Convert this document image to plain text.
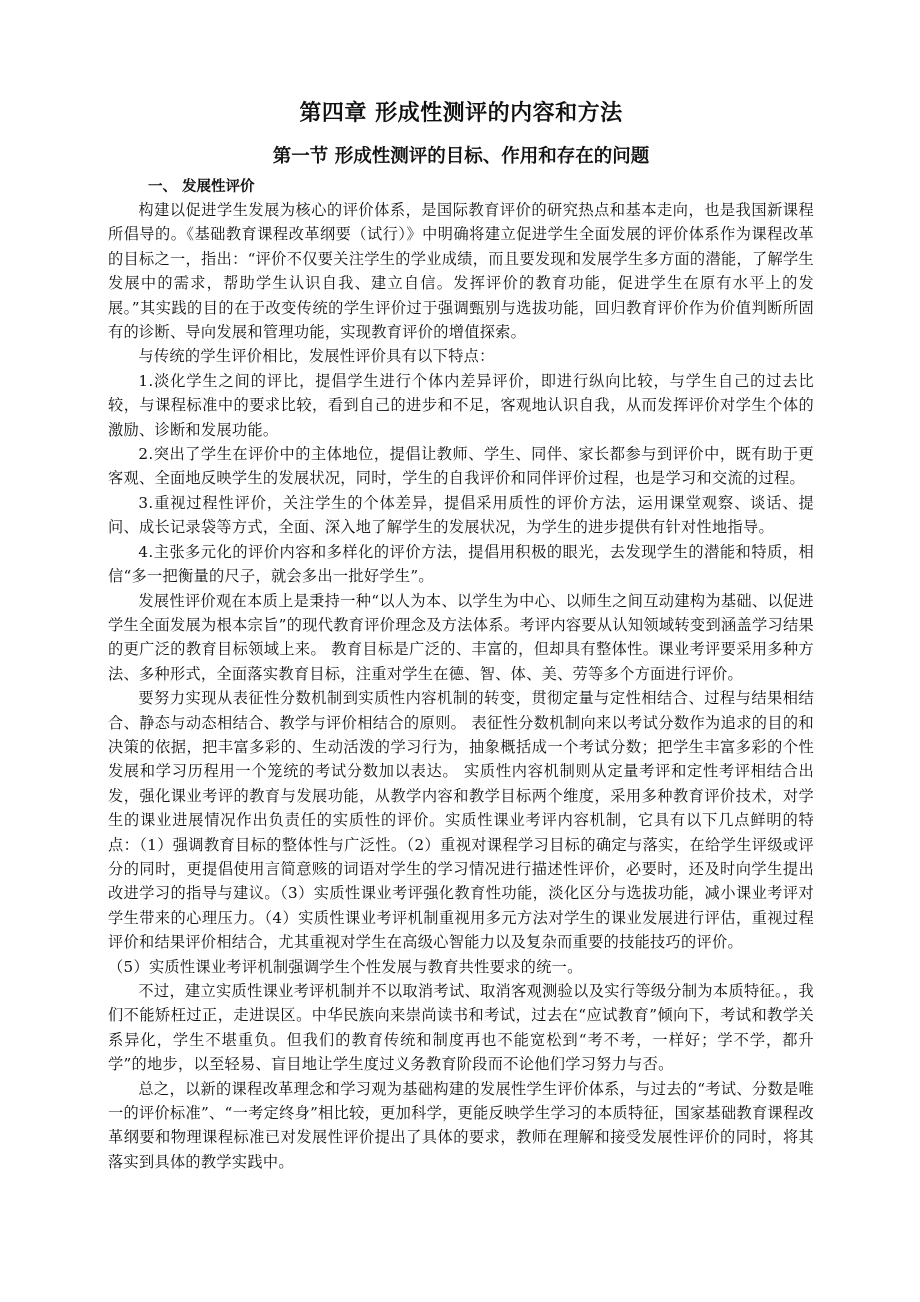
第四章 形成性测评的内容和方法
第一节 形成性测评的目标、作用和存在的问题
一、 发展性评价

构建以促进学生发展为核心的评价体系，是国际教育评价的研究热点和基本走向，也是我国新课程所倡导的。《基础教育课程改革纲要（试行）》中明确将建立促进学生全面发展的评价体系作为课程改革的目标之一，指出：“评价不仅要关注学生的学业成绩，而且要发现和发展学生多方面的潜能，了解学生发展中的需求，帮助学生认识自我、建立自信。发挥评价的教育功能，促进学生在原有水平上的发展。”其实践的目的在于改变传统的学生评价过于强调甄别与选拔功能，回归教育评价作为价值判断所固有的诊断、导向发展和管理功能，实现教育评价的增值探索。

与传统的学生评价相比，发展性评价具有以下特点：

1.淡化学生之间的评比，提倡学生进行个体内差异评价，即进行纵向比较，与学生自己的过去比较，与课程标准中的要求比较，看到自己的进步和不足，客观地认识自我，从而发挥评价对学生个体的激励、诊断和发展功能。

2.突出了学生在评价中的主体地位，提倡让教师、学生、同伴、家长都参与到评价中，既有助于更客观、全面地反映学生的发展状况，同时，学生的自我评价和同伴评价过程，也是学习和交流的过程。

3.重视过程性评价，关注学生的个体差异，提倡采用质性的评价方法，运用课堂观察、谈话、提问、成长记录袋等方式，全面、深入地了解学生的发展状况，为学生的进步提供有针对性地指导。

4.主张多元化的评价内容和多样化的评价方法，提倡用积极的眼光，去发现学生的潜能和特质，相信“多一把衡量的尺子，就会多出一批好学生”。

发展性评价观在本质上是秉持一种“以人为本、以学生为中心、以师生之间互动建构为基础、以促进学生全面发展为根本宗旨”的现代教育评价理念及方法体系。考评内容要从认知领域转变到涵盖学习结果的更广泛的教育目标领域上来。 教育目标是广泛的、丰富的，但却具有整体性。课业考评要采用多种方法、多种形式，全面落实教育目标，注重对学生在德、智、体、美、劳等多个方面进行评价。

要努力实现从表征性分数机制到实质性内容机制的转变，贯彻定量与定性相结合、过程与结果相结合、静态与动态相结合、教学与评价相结合的原则。 表征性分数机制向来以考试分数作为追求的目的和决策的依据，把丰富多彩的、生动活泼的学习行为，抽象概括成一个考试分数；把学生丰富多彩的个性发展和学习历程用一个笼统的考试分数加以表达。 实质性内容机制则从定量考评和定性考评相结合出发，强化课业考评的教育与发展功能，从教学内容和教学目标两个维度，采用多种教育评价技术，对学生的课业进展情况作出负责任的实质性的评价。实质性课业考评内容机制，它具有以下几点鲜明的特点：（1）强调教育目标的整体性与广泛性。（2）重视对课程学习目标的确定与落实，在给学生评级或评分的同时，更提倡使用言简意赅的词语对学生的学习情况进行描述性评价，必要时，还及时向学生提出改进学习的指导与建议。（3）实质性课业考评强化教育性功能，淡化区分与选拔功能，减小课业考评对学生带来的心理压力。（4）实质性课业考评机制重视用多元方法对学生的课业发展进行评估，重视过程评价和结果评价相结合，尤其重视对学生在高级心智能力以及复杂而重要的技能技巧的评价。

（5）实质性课业考评机制强调学生个性发展与教育共性要求的统一。

不过，建立实质性课业考评机制并不以取消考试、取消客观测验以及实行等级分制为本质特征。，我们不能矫枉过正，走进误区。中华民族向来崇尚读书和考试，过去在“应试教育”倾向下，考试和教学关系异化，学生不堪重负。但我们的教育传统和制度再也不能宽松到“考不考，一样好；学不学，都升学”的地步，以至轻易、盲目地让学生度过义务教育阶段而不论他们学习努力与否。

总之，以新的课程改革理念和学习观为基础构建的发展性学生评价体系，与过去的“考试、分数是唯一的评价标准”、“一考定终身”相比较，更加科学，更能反映学生学习的本质特征，国家基础教育课程改革纲要和物理课程标准已对发展性评价提出了具体的要求，教师在理解和接受发展性评价的同时，将其落实到具体的教学实践中。
